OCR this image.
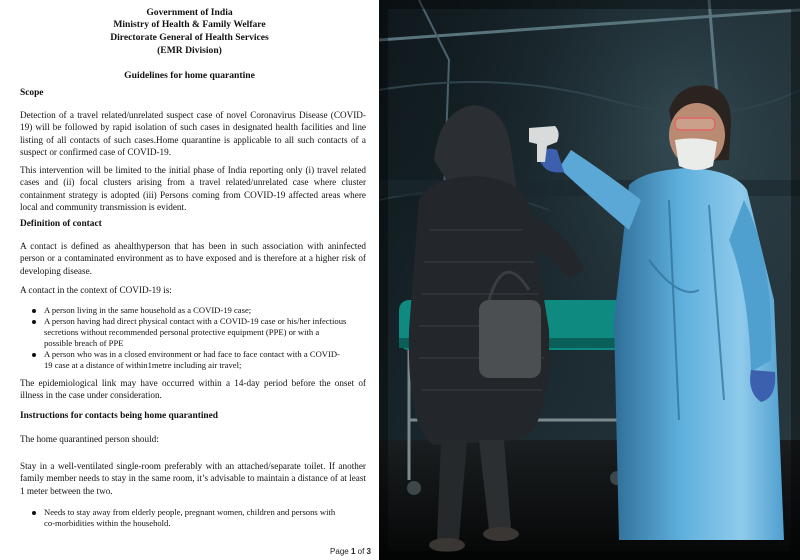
Government of India
Ministry of Health & Family Welfare
Directorate General of Health Services
(EMR Division)
Guidelines for home quarantine
Scope

Detection of a travel related/unrelated suspect case of novel Coronavirus Disease (COVID-19) will be followed by rapid isolation of such cases in designated health facilities and line listing of all contacts of such cases.Home quarantine is applicable to all such contacts of a suspect or confirmed case of COVID-19.

This intervention will be limited to the initial phase of India reporting only (i) travel related cases and (ii) focal clusters arising from a travel related/unrelated case where cluster containment strategy is adopted (iii) Persons coming from COVID-19 affected areas where local and community transmission is evident.

Definition of contact

A contact is defined as ahealthyperson that has been in such association with aninfected person or a contaminated environment as to have exposed and is therefore at a higher risk of developing disease.

A contact in the context of COVID-19 is:

A person living in the same household as a COVID-19 case;
A person having had direct physical contact with a COVID-19 case or his/her infectious secretions without recommended personal protective equipment (PPE) or with a possible breach of PPE
A person who was in a closed environment or had face to face contact with a COVID-19 case at a distance of within1metre including air travel;

The epidemiological link may have occurred within a 14-day period before the onset of illness in the case under consideration.

Instructions for contacts being home quarantined

The home quarantined person should:

Stay in a well-ventilated single-room preferably with an attached/separate toilet. If another family member needs to stay in the same room, it’s advisable to maintain a distance of at least 1 meter between the two.

Needs to stay away from elderly people, pregnant women, children and persons with co-morbidities within the household.
Page 1 of 3
